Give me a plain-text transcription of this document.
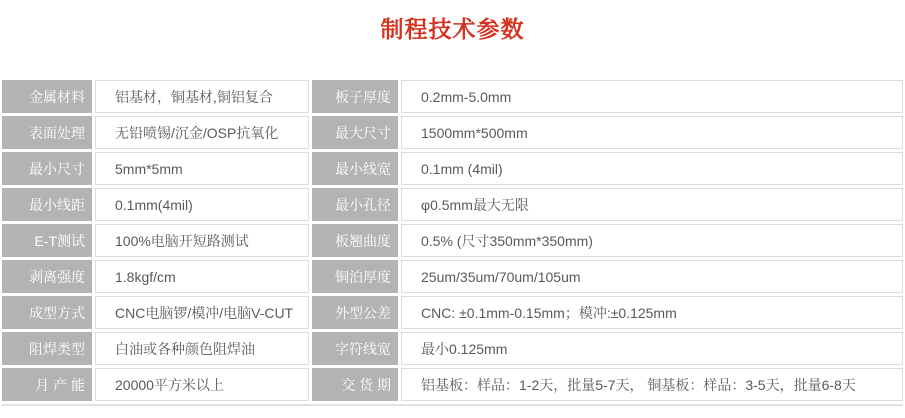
制程技术参数
金属材料	铝基材，铜基材,铜铝复合	板子厚度	0.2mm-5.0mm
表面处理	无铅喷锡/沉金/OSP抗氧化	最大尺寸	1500mm*500mm
最小尺寸	5mm*5mm	最小线宽	0.1mm (4mil)
最小线距	0.1mm(4mil)	最小孔径	φ0.5mm最大无限
E-T测试	100%电脑开短路测试	板翘曲度	0.5% (尺寸350mm*350mm)
剥离强度	1.8kgf/cm	铜泊厚度	25um/35um/70um/105um
成型方式	CNC电脑锣/模冲/电脑V-CUT	外型公差	CNC: ±0.1mm-0.15mm；模冲:±0.125mm
阻焊类型	白油或各种颜色阻焊油	字符线宽	最小0.125mm
月 产 能	20000平方米以上	交 货 期	铝基板：样品：1-2天，批量5-7天， 铜基板：样品：3-5天，批量6-8天
